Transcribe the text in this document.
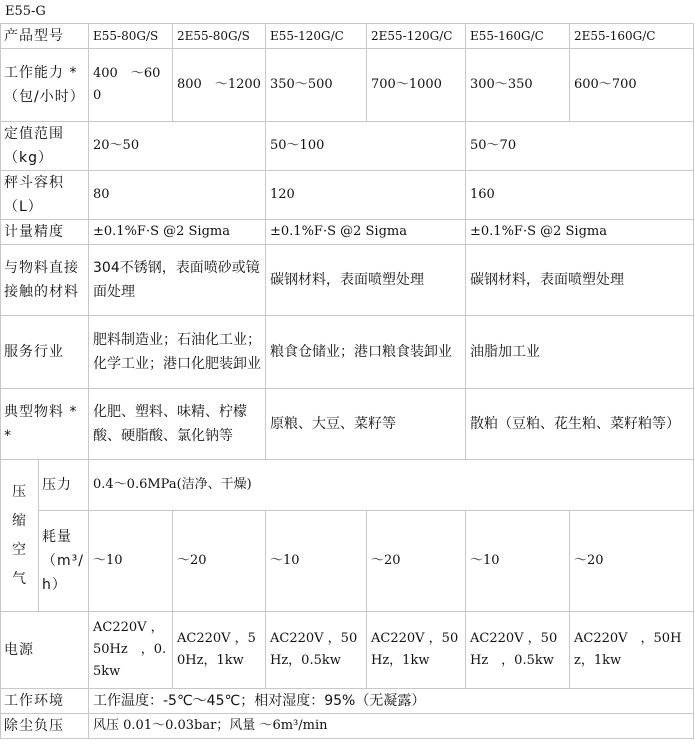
E55-G							
产品型号		E55-80G/S	2E55-80G/S	E55-120G/C	2E55-120G/C	E55-160G/C	2E55-160G/C
工作能力 * （包/小时）		400　～600	800　～1200	350～500	700～1000	300～350	600～700
定值范围（kg）		20～50		50～100		50～70	
秤斗容积（L）		80		120		160	
计量精度		±0.1%F·S @2 Sigma		±0.1%F·S @2 Sigma		±0.1%F·S @2 Sigma	
与物料直接接触的材料		304不锈钢，表面喷砂或镜面处理		碳钢材料，表面喷塑处理		碳钢材料，表面喷塑处理	
服务行业		肥料制造业；石油化工业；化学工业；港口化肥装卸业		粮食仓储业；港口粮食装卸业		油脂加工业	
典型物料 **		化肥、塑料、味精、柠檬酸、硬脂酸、氯化钠等		原粮、大豆、菜籽等		散粕（豆粕、花生粕、菜籽粕等）	

压
缩
空
气	压力	0.4～0.6MPa(洁净、干燥)					
	耗量（m³/h）	～10	～20	～10	～20	～10	～20
电源		AC220V ，50Hz　，0.5kw	AC220V ，50Hz，1kw	AC220V ，50Hz，0.5kw	AC220V ，50Hz，1kw	AC220V ，50Hz　，0.5kw	AC220V　，50Hz，1kw
工作环境		工作温度：-5℃～45℃；相对湿度：95%（无凝露）					
除尘负压		风压 0.01～0.03bar；风量 ～6m³/min					
